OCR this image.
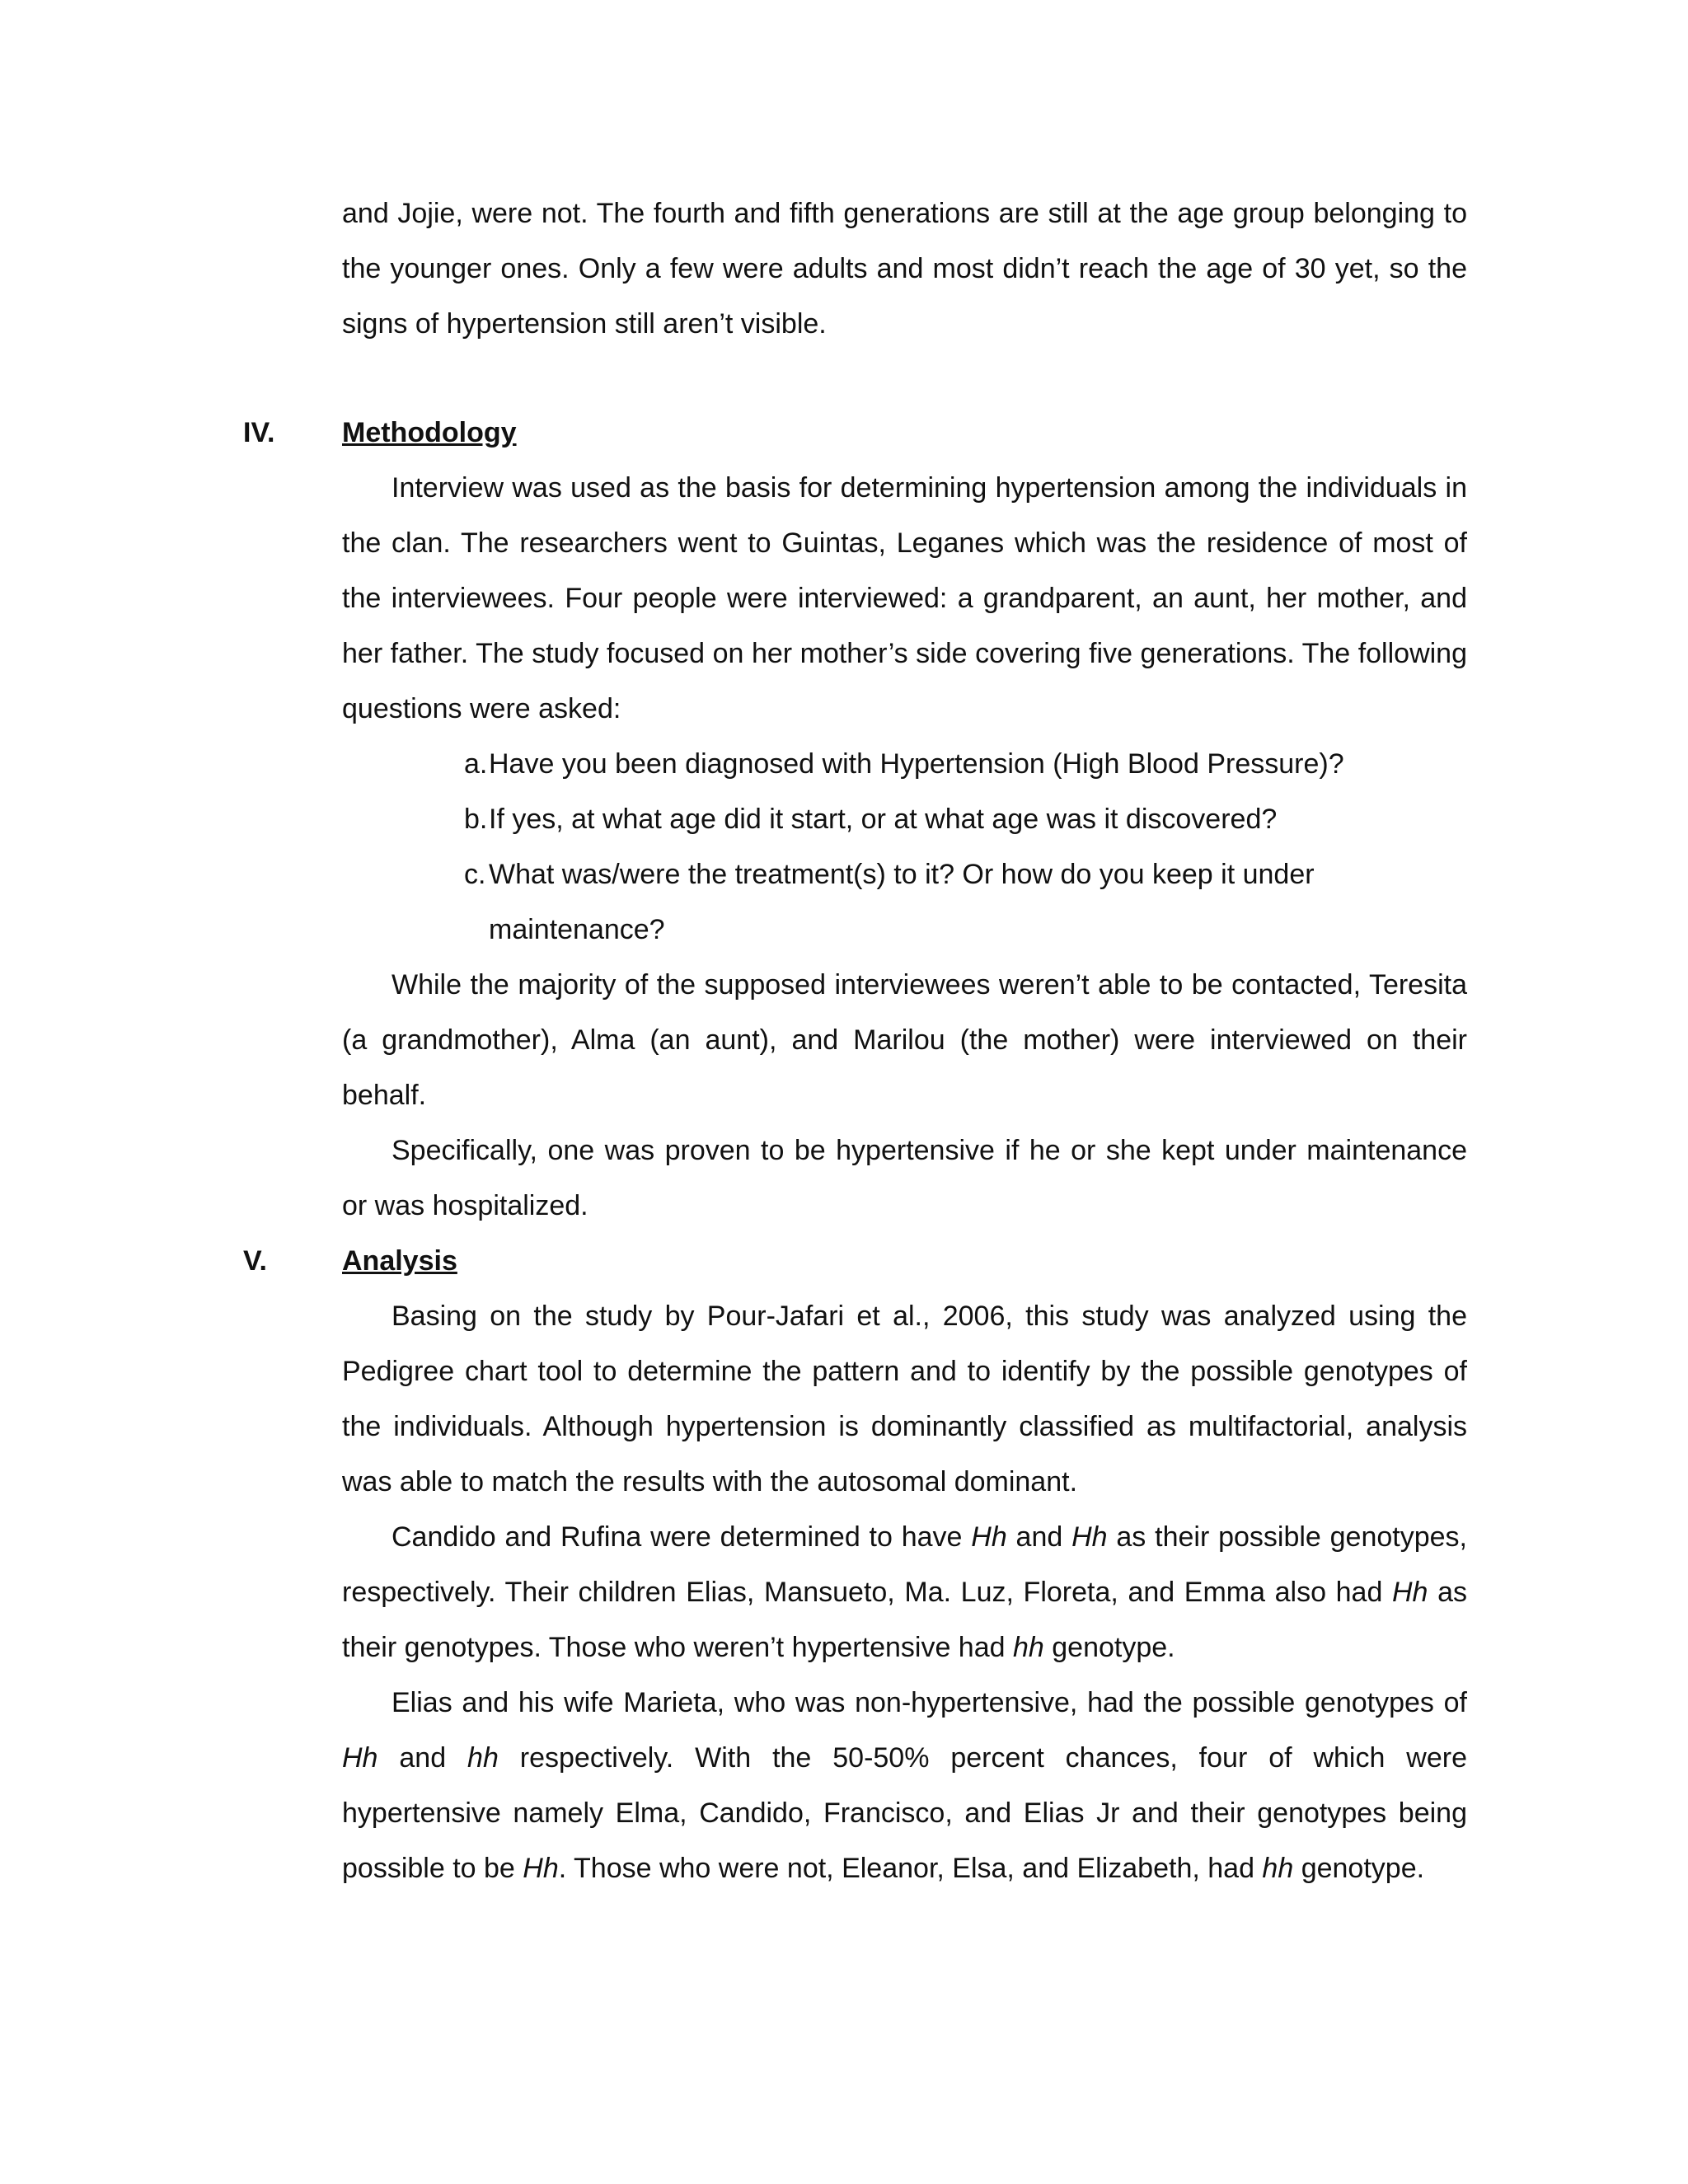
and Jojie, were not. The fourth and fifth generations are still at the age group belonging to the younger ones. Only a few were adults and most didn’t reach the age of 30 yet, so the signs of hypertension still aren’t visible.

IV. Methodology

Interview was used as the basis for determining hypertension among the individuals in the clan. The researchers went to Guintas, Leganes which was the residence of most of the interviewees. Four people were interviewed: a grandparent, an aunt, her mother, and her father. The study focused on her mother’s side covering five generations. The following questions were asked:

a. Have you been diagnosed with Hypertension (High Blood Pressure)?
b. If yes, at what age did it start, or at what age was it discovered?
c. What was/were the treatment(s) to it? Or how do you keep it under maintenance?

While the majority of the supposed interviewees weren’t able to be contacted, Teresita (a grandmother), Alma (an aunt), and Marilou (the mother) were interviewed on their behalf.

Specifically, one was proven to be hypertensive if he or she kept under maintenance or was hospitalized.

V.	Analysis

Basing on the study by Pour-Jafari et al., 2006, this study was analyzed using the Pedigree chart tool to determine the pattern and to identify by the possible genotypes of the individuals. Although hypertension is dominantly classified as multifactorial, analysis was able to match the results with the autosomal dominant.

Candido and Rufina were determined to have Hh and Hh as their possible genotypes, respectively. Their children Elias, Mansueto, Ma. Luz, Floreta, and Emma also had Hh as their genotypes. Those who weren’t hypertensive had hh genotype.

Elias and his wife Marieta, who was non-hypertensive, had the possible genotypes of Hh and hh respectively. With the 50-50% percent chances, four of which were hypertensive namely Elma, Candido, Francisco, and Elias Jr and their genotypes being possible to be Hh. Those who were not, Eleanor, Elsa, and Elizabeth, had hh genotype.
